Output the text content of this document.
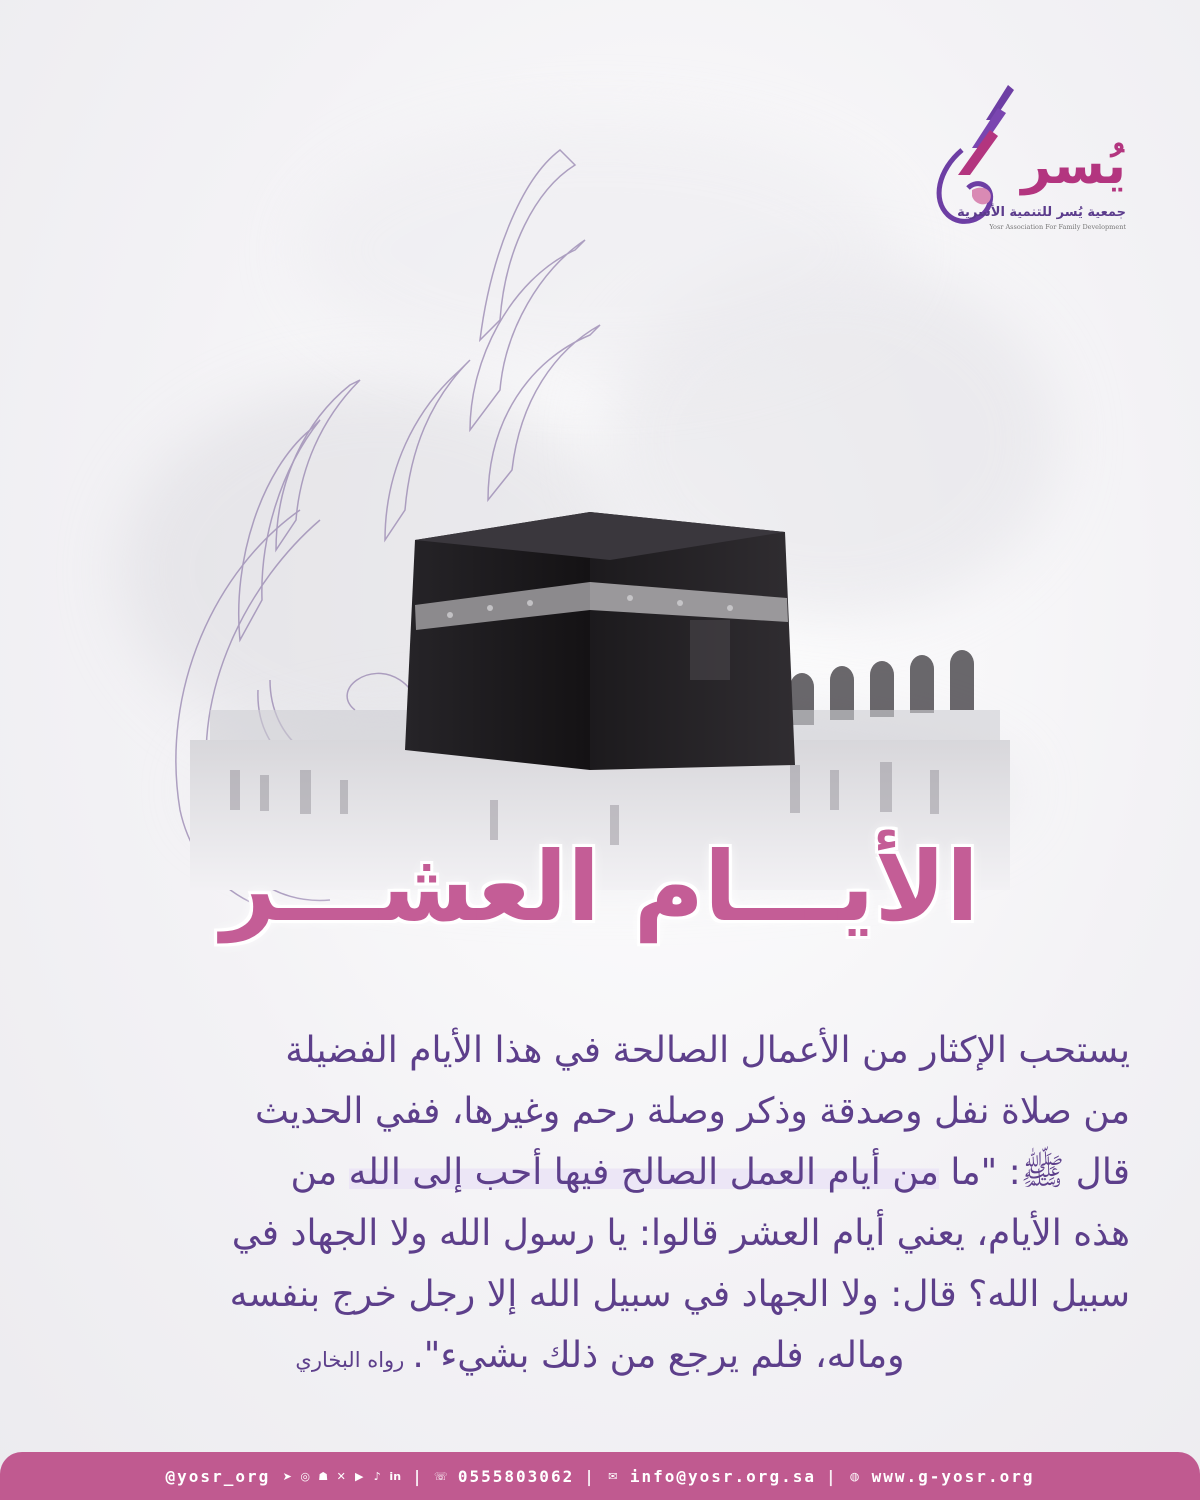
يُسر
جمعية يُسر للتنمية الأسرية
Yosr Association For Family Development
الأيـــام العشـــر

يستحب الإكثار من الأعمال الصالحة في هذا الأيام الفضيلة

من صلاة نفل وصدقة وذكر وصلة رحم وغيرها، ففي الحديث

قال ﷺ: "ما من أيام العمل الصالح فيها أحب إلى الله من

هذه الأيام، يعني أيام العشر قالوا: يا رسول الله ولا الجهاد في

سبيل الله؟ قال: ولا الجهاد في سبيل الله إلا رجل خرج بنفسه

وماله، فلم يرجع من ذلك بشيء".رواه البخاري

@yosr_org ➤ ◎ ☗ ✕ ▶ ♪ in | ☏ 0555803062 | ✉ info@yosr.org.sa | ◍ www.g-yosr.org
